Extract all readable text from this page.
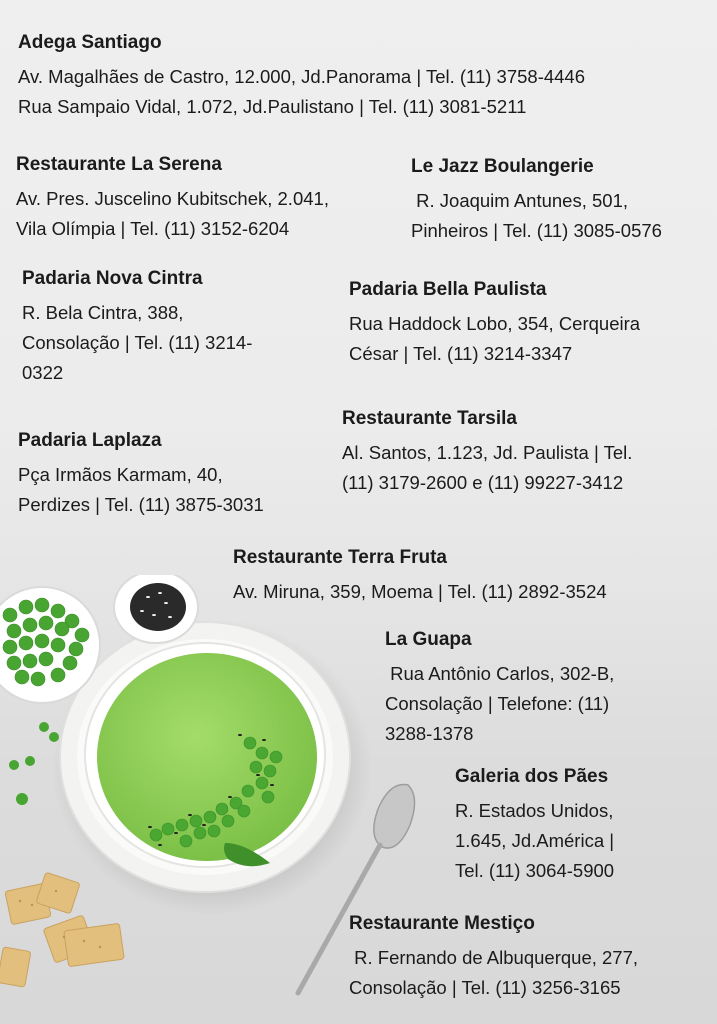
Adega Santiago
Av. Magalhães de Castro, 12.000, Jd.Panorama | Tel. (11) 3758-4446
Rua Sampaio Vidal, 1.072, Jd.Paulistano | Tel. (11) 3081-5211
Restaurante La Serena
Av. Pres. Juscelino Kubitschek, 2.041,
Vila Olímpia | Tel. (11) 3152-6204
Le Jazz Boulangerie
R. Joaquim Antunes, 501,
Pinheiros | Tel. (11) 3085-0576
Padaria Nova Cintra
R. Bela Cintra, 388,
Consolação | Tel. (11) 3214-
0322
Padaria Bella Paulista
Rua Haddock Lobo, 354, Cerqueira
César | Tel. (11) 3214-3347
Restaurante Tarsila
Al. Santos, 1.123, Jd. Paulista | Tel.
(11) 3179-2600 e (11) 99227-3412
Padaria Laplaza
Pça Irmãos Karmam, 40,
Perdizes | Tel. (11) 3875-3031
Restaurante Terra Fruta
Av. Miruna, 359, Moema | Tel. (11) 2892-3524
La Guapa
Rua Antônio Carlos, 302-B,
Consolação | Telefone: (11)
3288-1378
Galeria dos Pães
R. Estados Unidos,
1.645, Jd.América |
Tel. (11) 3064-5900
Restaurante Mestiço
R. Fernando de Albuquerque, 277,
Consolação | Tel. (11) 3256-3165
